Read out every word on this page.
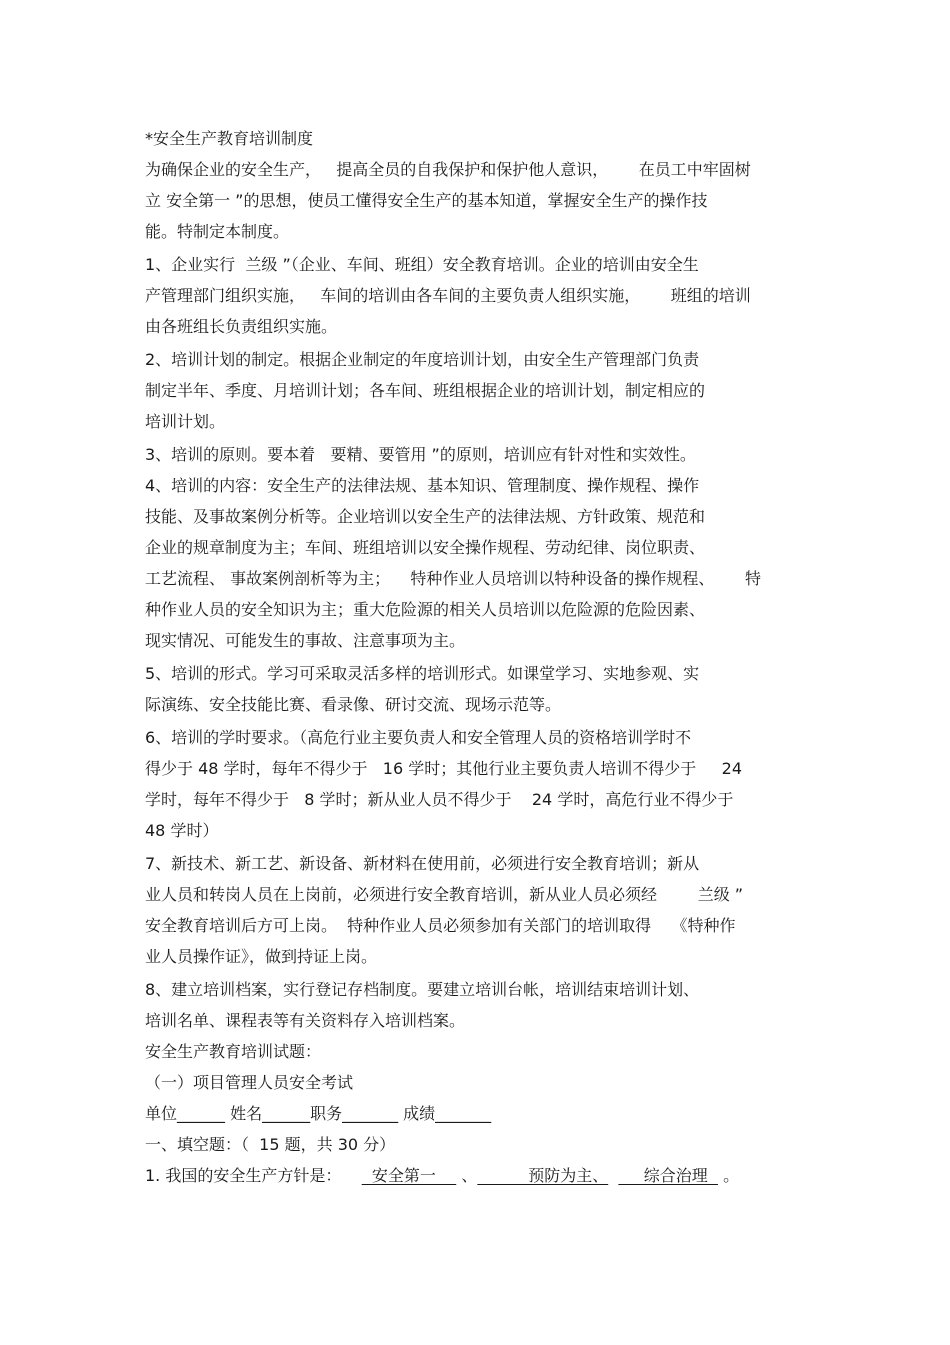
*安全生产教育培训制度
为确保企业的安全生产，   提高全员的自我保护和保护他人意识，      在员工中牢固树
立 安全第一 ”的思想，使员工懂得安全生产的基本知道，掌握安全生产的操作技
能。特制定本制度。
1、企业实行  兰级 ”（企业、车间、班组）安全教育培训。企业的培训由安全生
产管理部门组织实施，   车间的培训由各车间的主要负责人组织实施，      班组的培训
由各班组长负责组织实施。
2、培训计划的制定。根据企业制定的年度培训计划，由安全生产管理部门负责
制定半年、季度、月培训计划；各车间、班组根据企业的培训计划，制定相应的
培训计划。
3、培训的原则。要本着   要精、要管用 ”的原则，培训应有针对性和实效性。
4、培训的内容：安全生产的法律法规、基本知识、管理制度、操作规程、操作
技能、及事故案例分析等。企业培训以安全生产的法律法规、方针政策、规范和
企业的规章制度为主；车间、班组培训以安全操作规程、劳动纪律、岗位职责、
工艺流程、 事故案例剖析等为主；    特种作业人员培训以特种设备的操作规程、      特
种作业人员的安全知识为主；重大危险源的相关人员培训以危险源的危险因素、
现实情况、可能发生的事故、注意事项为主。
5、培训的形式。学习可采取灵活多样的培训形式。如课堂学习、实地参观、实
际演练、安全技能比赛、看录像、研讨交流、现场示范等。
6、培训的学时要求。（高危行业主要负责人和安全管理人员的资格培训学时不
得少于 48 学时，每年不得少于   16 学时；其他行业主要负责人培训不得少于     24
学时，每年不得少于   8 学时；新从业人员不得少于    24 学时，高危行业不得少于
48 学时）
7、新技术、新工艺、新设备、新材料在使用前，必须进行安全教育培训；新从
业人员和转岗人员在上岗前，必须进行安全教育培训，新从业人员必须经        兰级 ”
安全教育培训后方可上岗。  特种作业人员必须参加有关部门的培训取得    《特种作
业人员操作证》，做到持证上岗。
8、建立培训档案，实行登记存档制度。要建立培训台帐，培训结束培训计划、
培训名单、课程表等有关资料存入培训档案。
安全生产教育培训试题：
（一）项目管理人员安全考试
单位______ 姓名______职务_______ 成绩_______
一、填空题：（  15 题，共 30 分）
1. 我国的安全生产方针是：      安全第一     、          预防为主、       综合治理   。
